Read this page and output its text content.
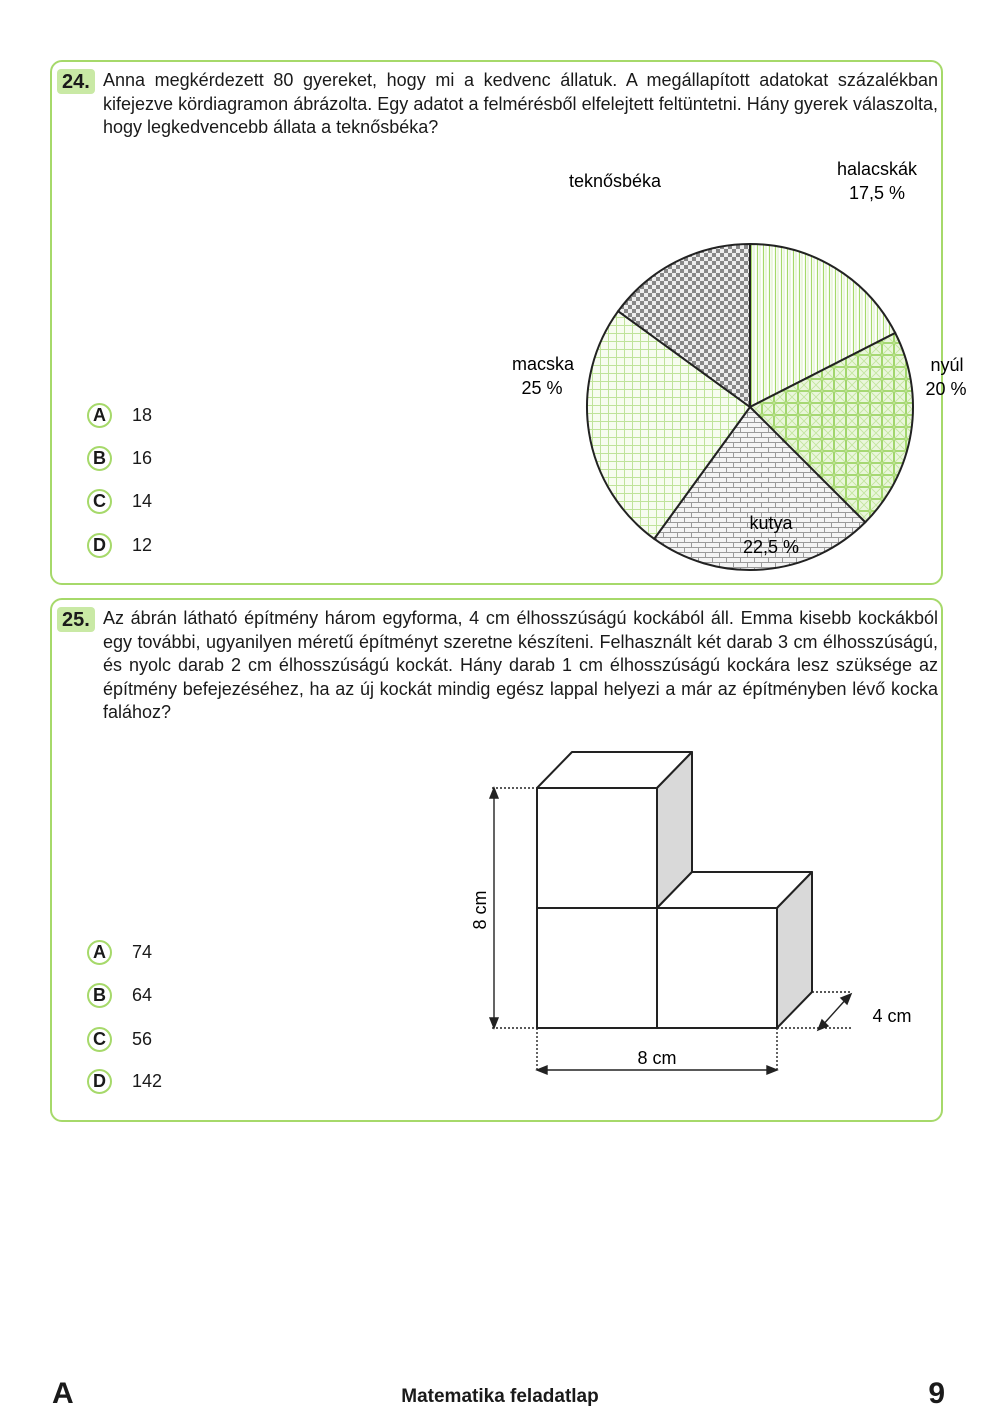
24. Anna megkérdezett 80 gyereket, hogy mi a kedvenc állatuk. A megállapított adatokat százalékban kifejezve kördiagramon ábrázolta. Egy adatot a felmérésből elfelejtett feltüntetni. Hány gyerek válaszolta, hogy legkedvencebb állata a teknősbéka?
teknősbéka
halacskák
17,5 %
nyúl
20 %
macska
25 %
kutya
22,5 %
A	18
B	16
C	14
D	12
25. Az ábrán látható építmény három egyforma, 4 cm élhosszúságú kockából áll. Emma kisebb kockákból egy további, ugyanilyen méretű építményt szeretne készíteni. Felhasznált két darab 3 cm élhosszúságú, és nyolc darab 2 cm élhosszúságú kockát. Hány darab 1 cm élhosszúságú kockára lesz szüksége az építmény befejezéséhez, ha az új kockát mindig egész lappal helyezi a már az építményben lévő kocka falához?
8 cm
8 cm
4 cm
A	74
B	64
C	56
D	142
A	Matematika feladatlap	9
